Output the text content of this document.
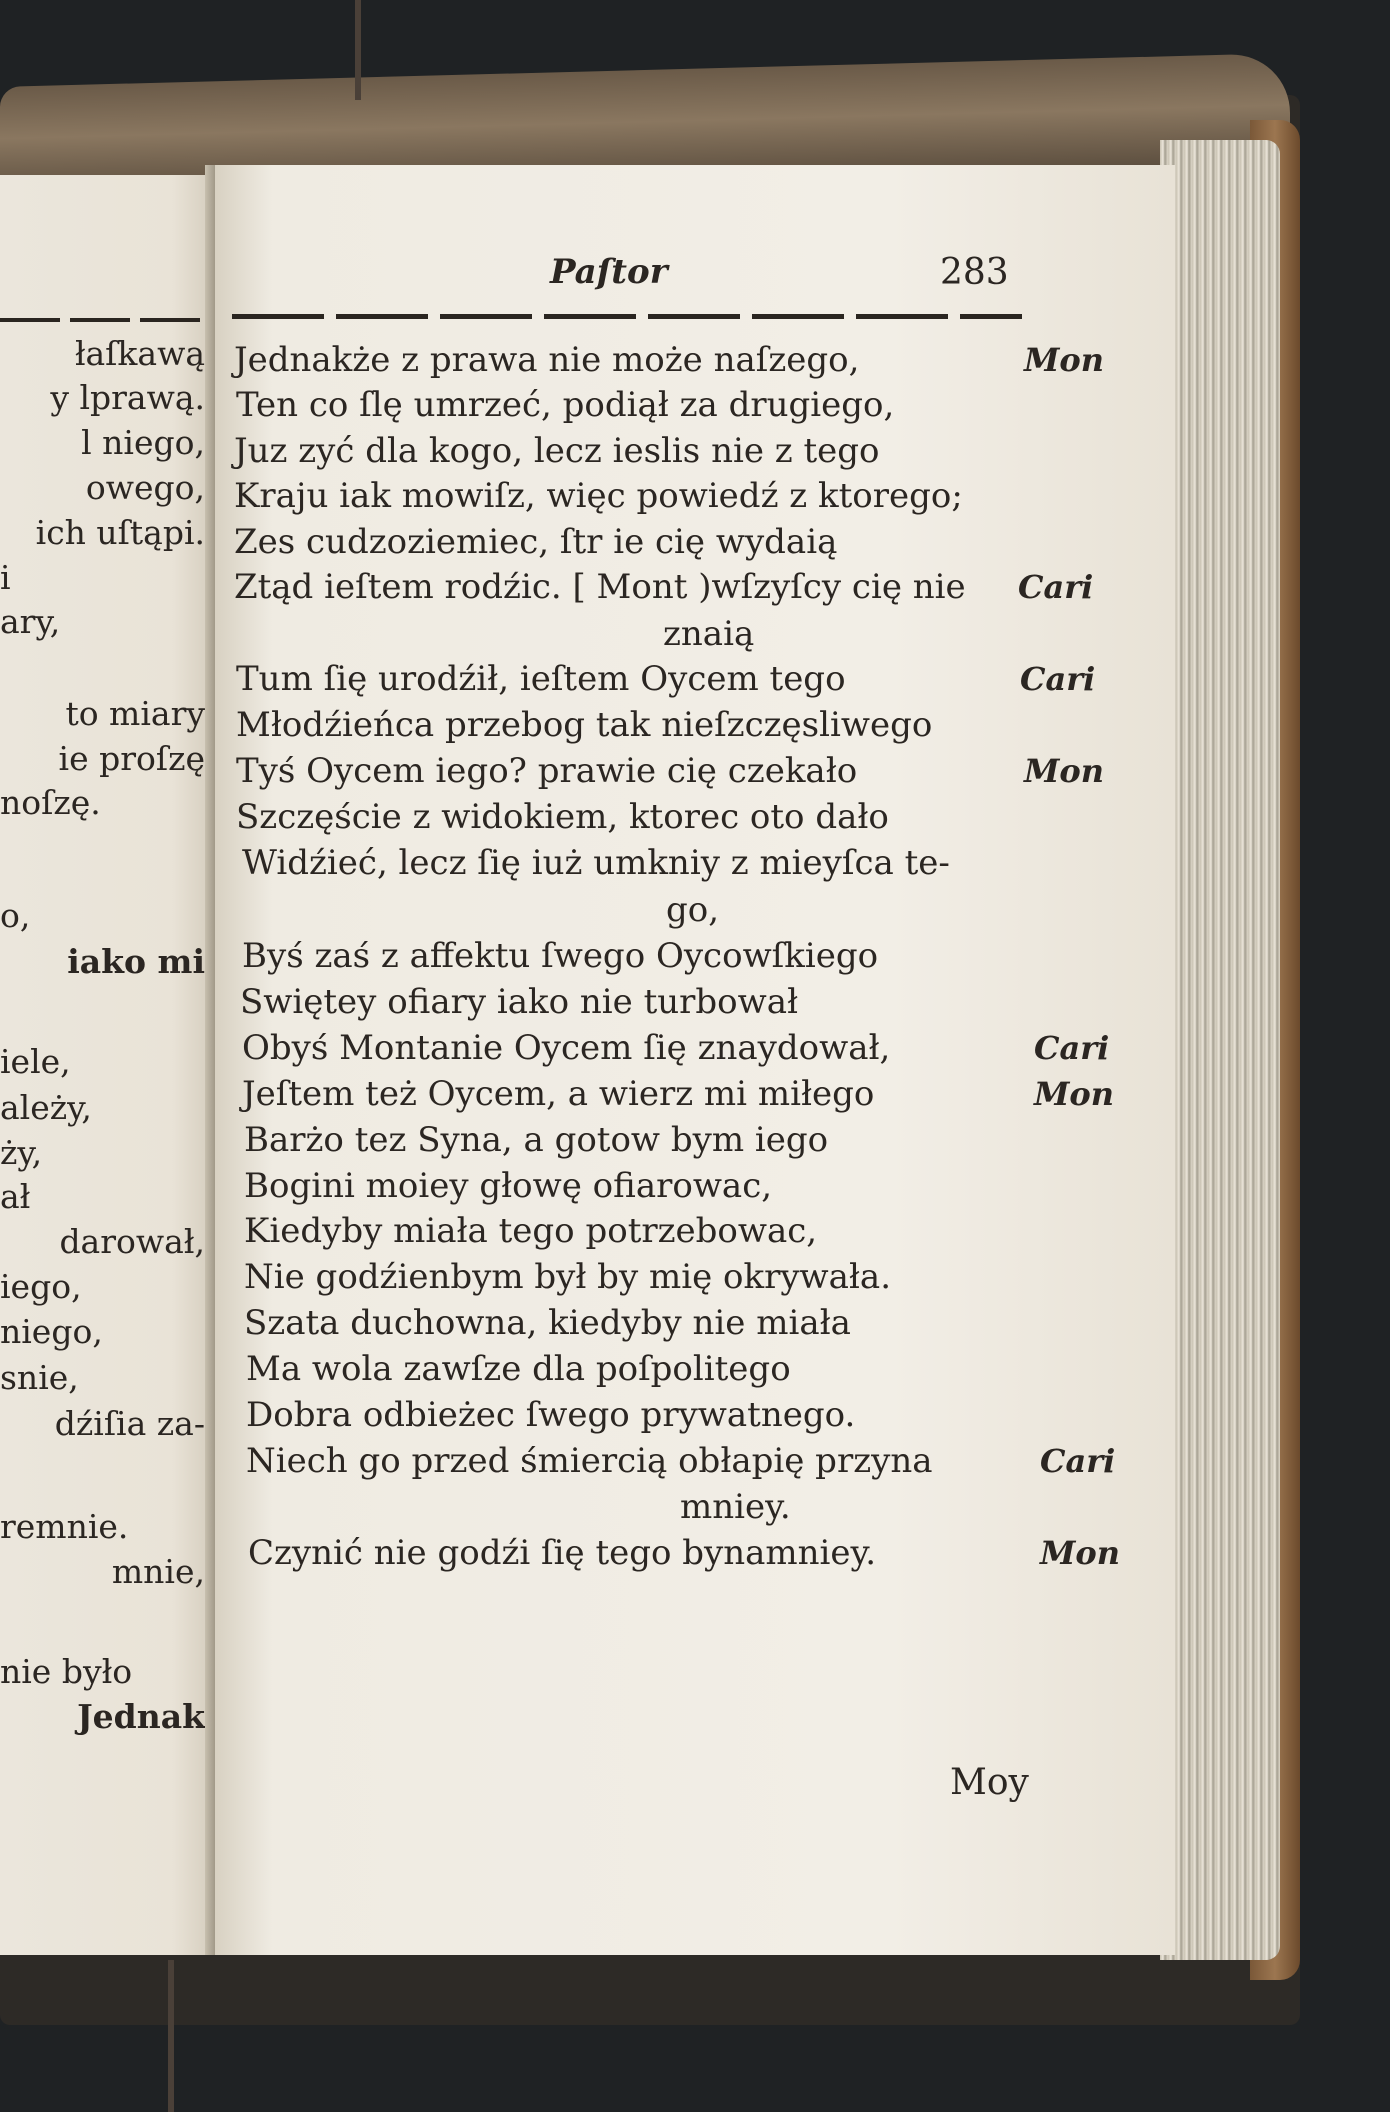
łaſkawą
y lprawą.
l niego,
owego,
ich uſtąpi.
i
ary,
to miary
ie proſzę
noſzę.
o,
iako mi
iele,
ależy,
ży,
ał
darował,
iego,
niego,
snie,
dźiſia za-
remnie.
mnie,
nie było
Jednak
Paſtor	283
Jednakże z prawa nie może naſzego,
Ten co ſlę umrzeć, podiął za drugiego,
Juz zyć dla kogo, lecz ieslis nie z tego
Kraju iak mowiſz, więc powiedź z ktorego;
Zes cudzoziemiec, ſtr ie cię wydaią
Ztąd ieſtem rodźic. [ Mont )wſzyſcy cię nie
znaią
Tum ſię urodźił, ieſtem Oycem tego
Młodźieńca przebog tak nieſzczęsliwego
Tyś Oycem iego? prawie cię czekało
Szczęście z widokiem, ktorec oto dało
Widźieć, lecz ſię iuż umkniy z mieyſca te-
go,
Byś zaś z affektu ſwego Oycowſkiego
Swiętey ofiary iako nie turbował
Obyś Montanie Oycem ſię znaydował,
Jeſtem też Oycem, a wierz mi miłego
Barżo tez Syna, a gotow bym iego
Bogini moiey głowę ofiarowac,
Kiedyby miała tego potrzebowac,
Nie godźienbym był by mię okrywała.
Szata duchowna, kiedyby nie miała
Ma wola zawſze dla poſpolitego
Dobra odbieżec ſwego prywatnego.
Niech go przed śmiercią obłapię przyna
mniey.
Czynić nie godźi ſię tego bynamniey.
Mon
Cari
Cari
Mon
Cari
Mon
Cari
Mon
Moy
